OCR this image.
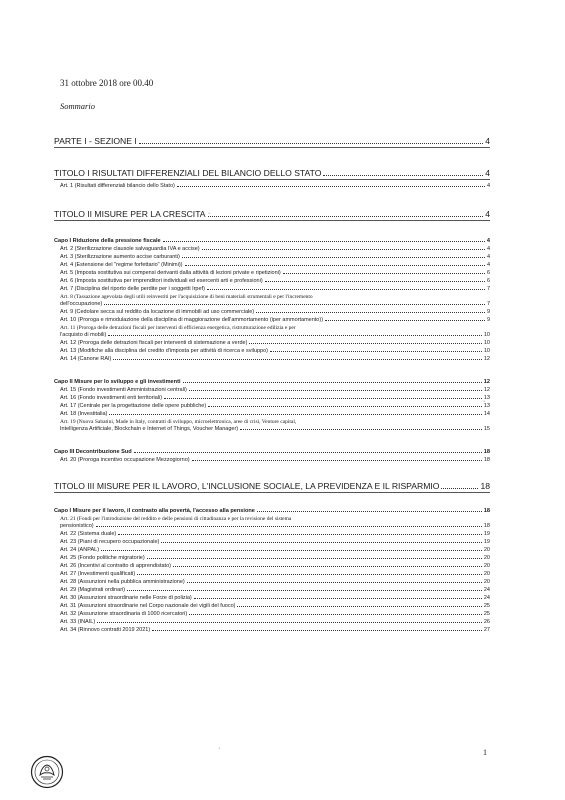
31 ottobre 2018 ore 00.40
Sommario
PARTE I - SEZIONE I	4
TITOLO I RISULTATI DIFFERENZIALI DEL BILANCIO DELLO STATO	4
Art. 1 (Risultati differenziali bilancio dello Stato)	4
TITOLO II MISURE PER LA CRESCITA	4
Capo I Riduzione della pressione fiscale	4
Art. 2 (Sterilizzazione clausole salvaguardia IVA e accise)	4
Art. 3 (Sterilizzazione aumento accise carburanti)	4
Art. 4 (Estensione del "regime forfettario" (Minimi))	4
Art. 5 (Imposta sostitutiva sui compensi derivanti dalla attività di lezioni private e ripetizioni)	6
Art. 6 (Imposta sostitutiva per imprenditori individuali ed esercenti arti e professioni)	6
Art. 7 (Disciplina del riporto delle perdite per i soggetti Irpef)	7
Art. 8 (Tassazione agevolata degli utili reinvestiti per l'acquisizione di beni materiali strumentali e per l'incremento
dell'occupazione)	7
Art. 9 (Cedolare secca sul reddito da locazione di immobili ad uso commerciale)	9
Art. 10 (Proroga e rimodulazione della disciplina di maggiorazione dell'ammortamento (iper ammortamento))	9
Art. 11 (Proroga delle detrazioni fiscali per interventi di efficienza energetica, ristrutturazione edilizia e per
l'acquisto di mobili)	10
Art. 12 (Proroga delle detrazioni fiscali per interventi di sistemazione a verde)	10
Art. 13 (Modifiche alla disciplina del credito d'imposta per attività di ricerca e sviluppo)	10
Art. 14 (Canone RAI)	12
Capo II Misure per lo sviluppo e gli investimenti	12
Art. 15 (Fondo investimenti Amministrazioni centrali)	12
Art. 16 (Fondo investimenti enti territoriali)	13
Art. 17 (Centrale per la progettazione delle opere pubbliche)	13
Art. 18 (Investitalia)	14
Art. 19 (Nuova Sabatini, Made in Italy, contratti di sviluppo, microelettronica, aree di crisi, Venture capital,
Intelligenza Artificiale, Blockchain e Internet of Things, Voucher Manager)	15
Capo III Decontribuzione Sud	18
Art. 20 (Proroga incentivo occupazione Mezzogiorno)	18
TITOLO III MISURE PER IL LAVORO, L'INCLUSIONE SOCIALE, LA PREVIDENZA E IL RISPARMIO	18
Capo I Misure per il lavoro, il contrasto alla povertà, l'accesso alla pensione	18
Art. 21 (Fondi per l'introduzione del reddito e delle pensioni di cittadinanza e per la revisione del sistema
pensionistico)	18
Art. 22 (Sistema duale)	19
Art. 23 (Piani di recupero occupazionale)	19
Art. 24 (ANPAL)	20
Art. 25 (Fondo politiche migratorie)	20
Art. 26 (Incentivi al contratto di apprendistato)	20
Art. 27 (Investimenti qualificati)	20
Art. 28 (Assunzioni nella pubblica amministrazione)	20
Art. 29 (Magistrati ordinari)	24
Art. 30 (Assunzioni straordinarie nelle Forze di polizia)	24
Art. 31 (Assunzioni straordinarie nel Corpo nazionale dei vigili del fuoco)	25
Art. 32 (Assunzione straordinaria di 1000 ricercatori)	25
Art. 33 (INAIL)	26
Art. 34 (Rinnovo contratti 2019 2021)	27
·
·
·	1
